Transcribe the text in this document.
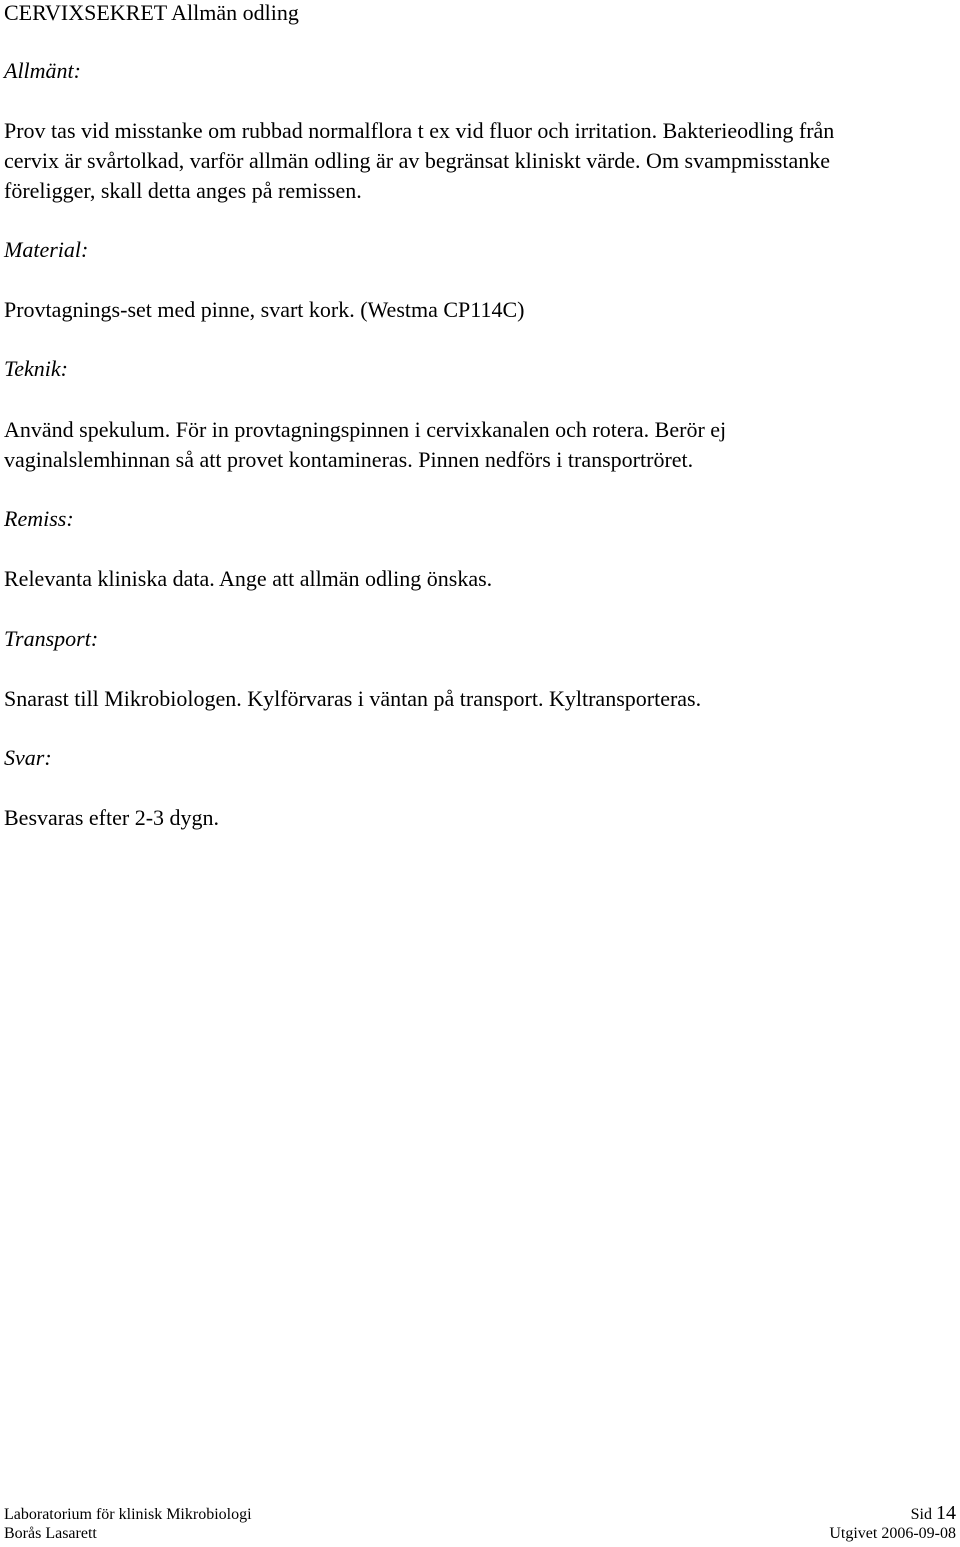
CERVIXSEKRET Allmän odling
Allmänt:
Prov tas vid misstanke om rubbad normalflora t ex vid fluor och irritation. Bakterieodling från
cervix är svårtolkad, varför allmän odling är av begränsat kliniskt värde. Om svampmisstanke
föreligger, skall detta anges på remissen.
Material:
Provtagnings-set med pinne, svart kork. (Westma CP114C)
Teknik:
Använd spekulum. För in provtagningspinnen i cervixkanalen och rotera. Berör ej
vaginalslemhinnan så att provet kontamineras. Pinnen nedförs i transportröret.
Remiss:
Relevanta kliniska data. Ange att allmän odling önskas.
Transport:
Snarast till Mikrobiologen. Kylförvaras i väntan på transport. Kyltransporteras.
Svar:
Besvaras efter 2-3 dygn.
Laboratorium för klinisk Mikrobiologi	Sid 14
Borås Lasarett	Utgivet 2006-09-08
